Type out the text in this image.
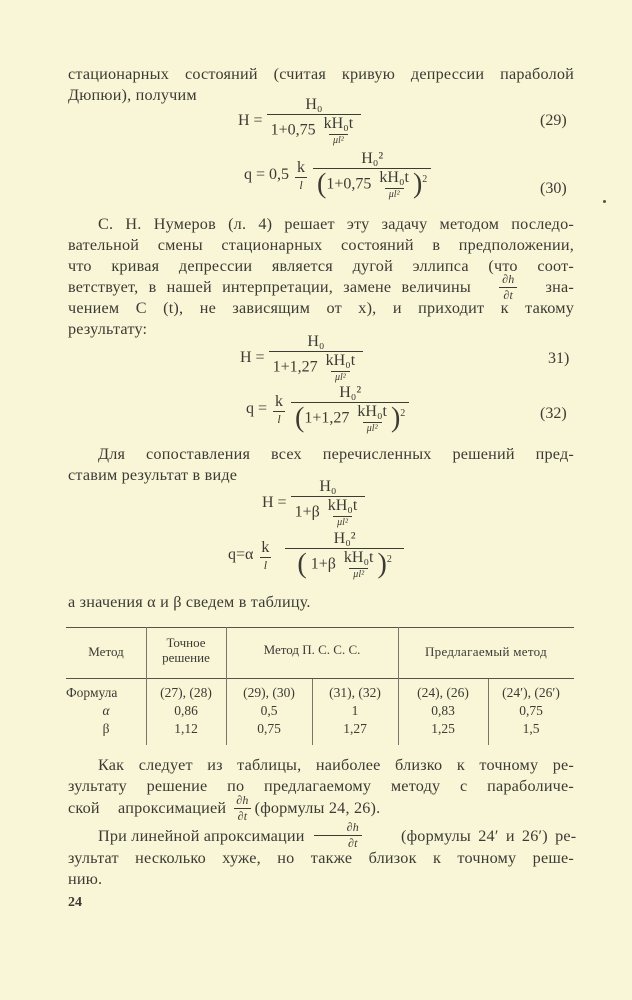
стационарных состояний (считая кривую депрессии параболой
Дюпюи), получим
$H = \frac{\text{H₀}}{1+0,75 \frac{\text{kH₀t}}{\text{μl²}}}$	(29)
$q = 0,5 \frac{k}{l}$
$\frac{\text{H₀²}}{(1+0,75 \frac{\text{kH₀t}}{\text{μl²}} )^2}$	(30)
С. Н. Нумеров (л. 4) решает эту задачу методом последо-
вательной смены стационарных состояний в предположении,
что кривая депрессии является дугой эллипса (что соот-
ветствует, в нашей интерпретации, замене величины $\frac{\partial h}{\partial t} зна-$
чением C (t), не зависящим от x), и приходит к такому
результату:
$H = \frac{\text{H₀}}{1+1,27 \frac{\text{kH₀t}}{\text{μl²}}}$	31)
$q = \frac{k}{l}$
$\frac{\text{H₀²}}{(1+1,27 \frac{\text{kH₀t}}{\text{μl²}} )^2}$	(32)
Для сопоставления всех перечисленных решений пред-
ставим результат в виде
$H = \frac{\text{H₀}}{1+\beta \frac{\text{kH₀t}}{\text{μl²}}}$
$q=\alpha \frac{k}{l}$
$\frac{\text{H₀²}}{( 1+\beta \frac{\text{kH₀t}}{\text{μl²}} )^2}$
а значения α и β сведем в таблицу.
Метод
Точное
решение
Метод П. С. С. С.	Предлагаемый метод
Формула	(27), (28)	(29), (30)	(31), (32)	(24), (26)	(24′), (26′)
α	0,86	0,5	1	0,83	0,75
β	1,12	0,75	1,27	1,25	1,5
Как следует из таблицы, наиболее близко к точному ре-
зультату решение по предлагаемому методу с параболиче-
ской апроксимацией $\frac{\partial h}{\partial t}$ (формулы 24, 26).
При линейной апроксимации $\frac{\partial h}{\partial t}$	(формулы 24′ и 26′) ре-
зультат несколько хуже, но также близок к точному реше-
нию.
24
